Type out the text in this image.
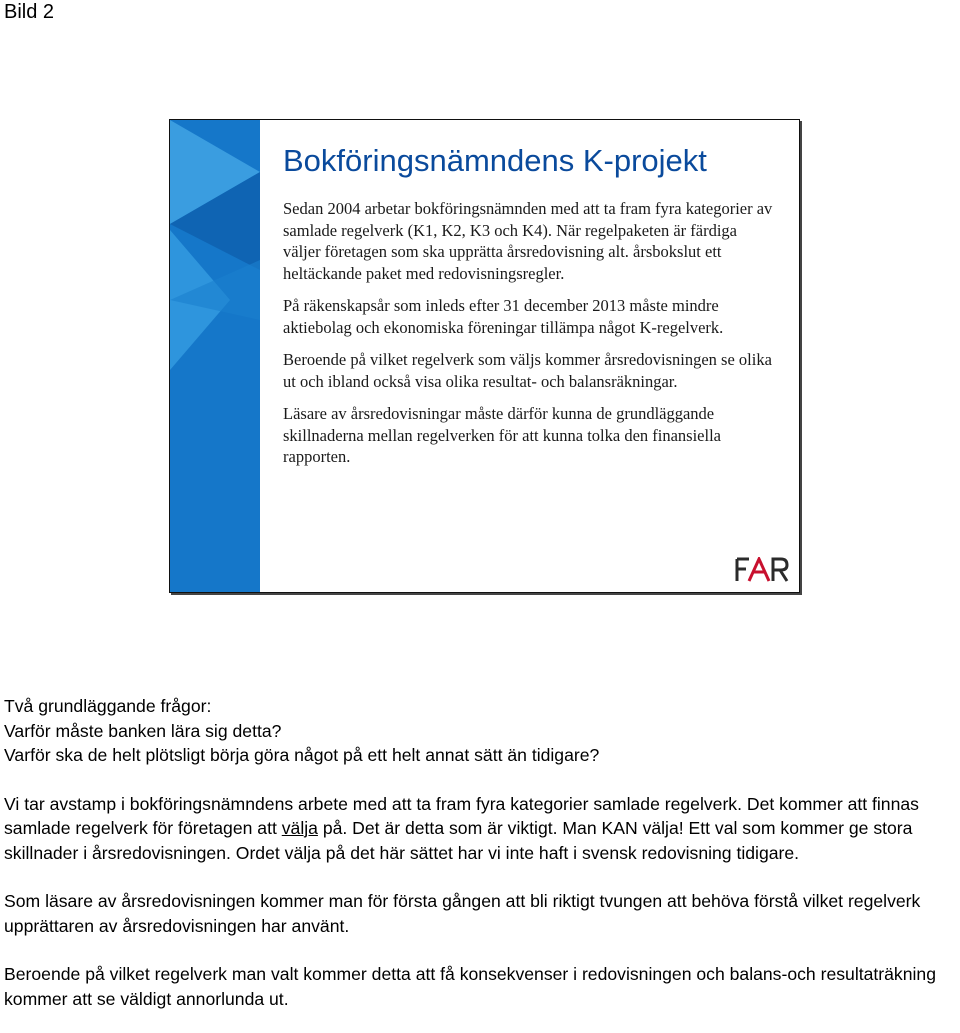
Bild 2
Bokföringsnämndens K-projekt

Sedan 2004 arbetar bokföringsnämnden med att ta fram fyra kategorier av samlade regelverk (K1, K2, K3 och K4). När regelpaketen är färdiga väljer företagen som ska upprätta årsredovisning alt. årsbokslut ett heltäckande paket med redovisningsregler.

På räkenskapsår som inleds efter 31 december 2013 måste mindre aktiebolag och ekonomiska föreningar tillämpa något K-regelverk.

Beroende på vilket regelverk som väljs kommer årsredovisningen se olika ut och ibland också visa olika resultat- och balansräkningar.

Läsare av årsredovisningar måste därför kunna de grundläggande skillnaderna mellan regelverken för att kunna tolka den finansiella rapporten.

Två grundläggande frågor:

Varför måste banken lära sig detta?

Varför ska de helt plötsligt börja göra något på ett helt annat sätt än tidigare?

Vi tar avstamp i bokföringsnämndens arbete med att ta fram fyra kategorier samlade regelverk. Det kommer att finnas samlade regelverk för företagen att välja på. Det är detta som är viktigt. Man KAN välja! Ett val som kommer ge stora skillnader i årsredovisningen. Ordet välja på det här sättet har vi inte haft i svensk redovisning tidigare.

Som läsare av årsredovisningen kommer man för första gången att bli riktigt tvungen att behöva förstå vilket regelverk upprättaren av årsredovisningen har använt.

Beroende på vilket regelverk man valt kommer detta att få konsekvenser i redovisningen och balans-och resultaträkning kommer att se väldigt annorlunda ut.
